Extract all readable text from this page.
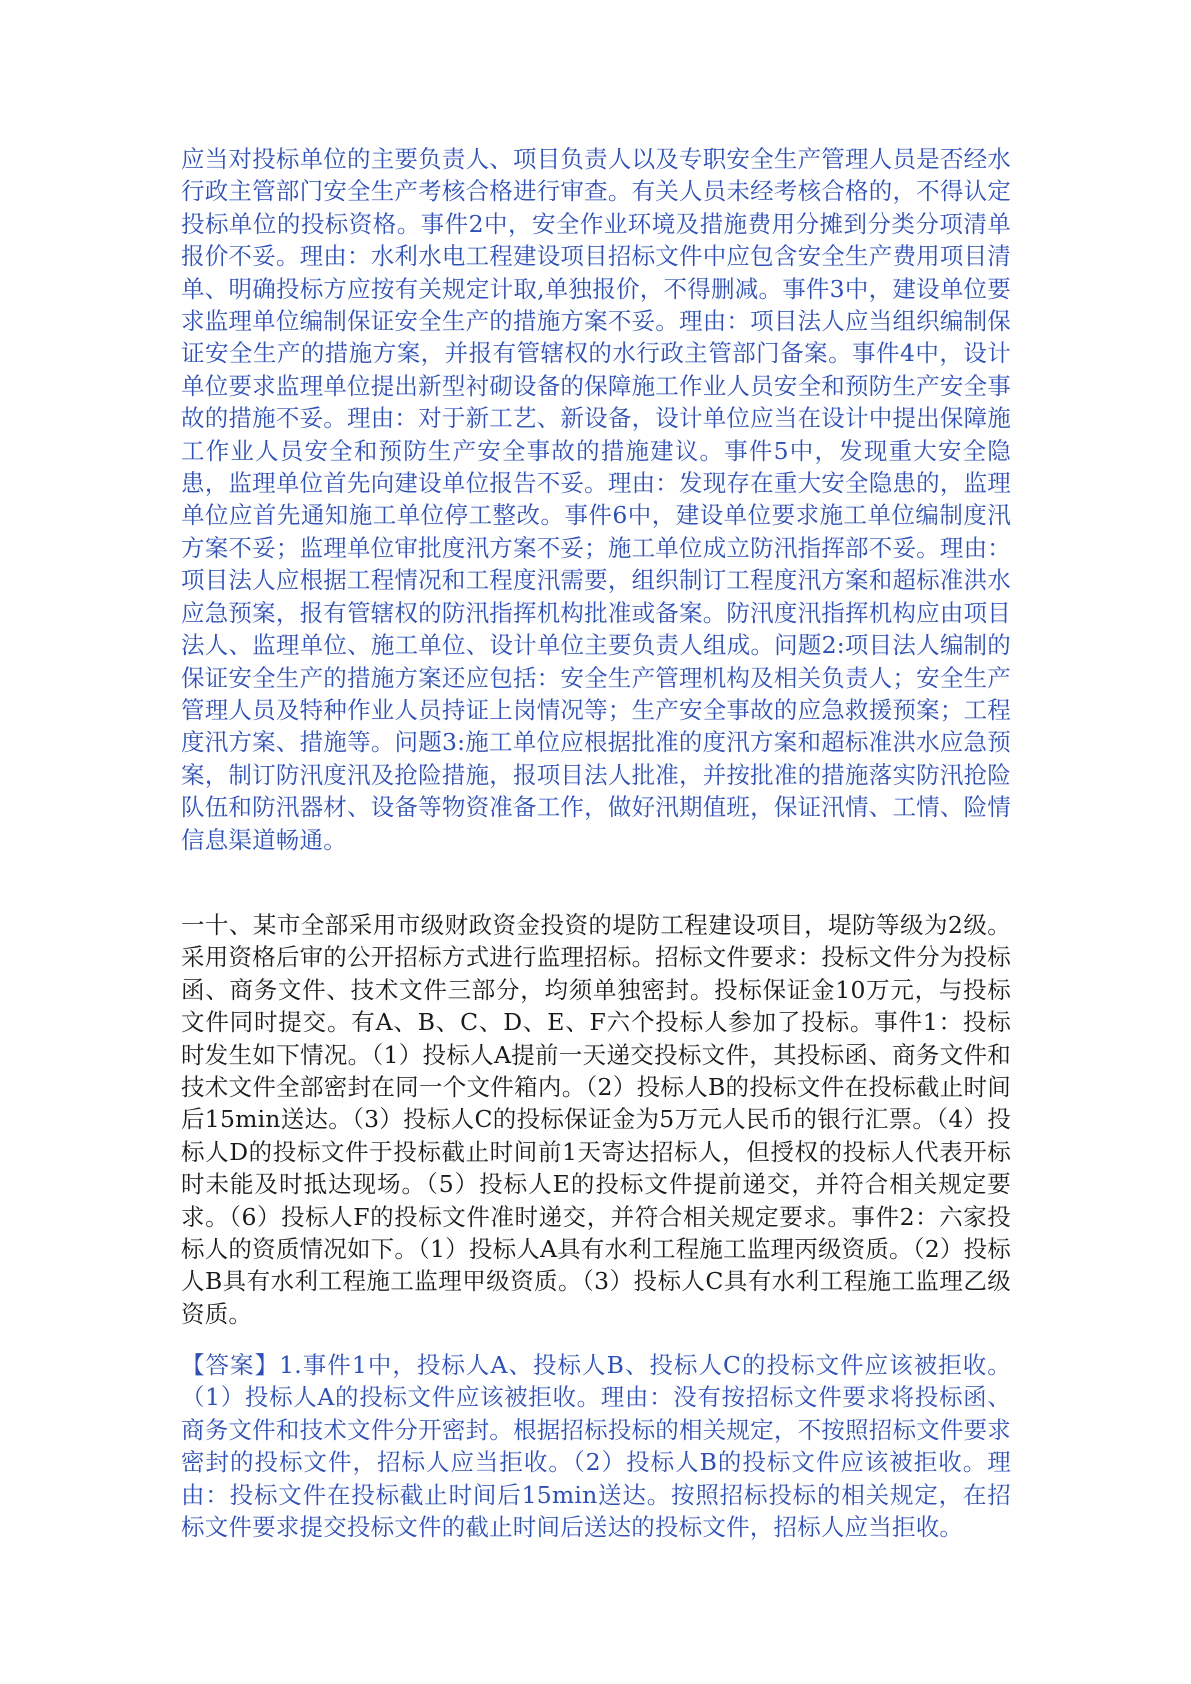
应当对投标单位的主要负责人、项目负责人以及专职安全生产管理人员是否经水行政主管部门安全生产考核合格进行审查。有关人员未经考核合格的，不得认定投标单位的投标资格。事件2中，安全作业环境及措施费用分摊到分类分项清单报价不妥。理由：水利水电工程建设项目招标文件中应包含安全生产费用项目清单、明确投标方应按有关规定计取,单独报价，不得删减。事件3中，建设单位要求监理单位编制保证安全生产的措施方案不妥。理由：项目法人应当组织编制保证安全生产的措施方案，并报有管辖权的水行政主管部门备案。事件4中，设计单位要求监理单位提出新型衬砌设备的保障施工作业人员安全和预防生产安全事故的措施不妥。理由：对于新工艺、新设备，设计单位应当在设计中提出保障施工作业人员安全和预防生产安全事故的措施建议。事件5中，发现重大安全隐患，监理单位首先向建设单位报告不妥。理由：发现存在重大安全隐患的，监理单位应首先通知施工单位停工整改。事件6中，建设单位要求施工单位编制度汛方案不妥；监理单位审批度汛方案不妥；施工单位成立防汛指挥部不妥。理由：项目法人应根据工程情况和工程度汛需要，组织制订工程度汛方案和超标准洪水应急预案，报有管辖权的防汛指挥机构批准或备案。防汛度汛指挥机构应由项目法人、监理单位、施工单位、设计单位主要负责人组成。问题2:项目法人编制的保证安全生产的措施方案还应包括：安全生产管理机构及相关负责人；安全生产管理人员及特种作业人员持证上岗情况等；生产安全事故的应急救援预案；工程度汛方案、措施等。问题3:施工单位应根据批准的度汛方案和超标准洪水应急预案，制订防汛度汛及抢险措施，报项目法人批准，并按批准的措施落实防汛抢险队伍和防汛器材、设备等物资准备工作，做好汛期值班，保证汛情、工情、险情信息渠道畅通。

一十、某市全部采用市级财政资金投资的堤防工程建设项目，堤防等级为2级。采用资格后审的公开招标方式进行监理招标。招标文件要求：投标文件分为投标函、商务文件、技术文件三部分，均须单独密封。投标保证金10万元，与投标文件同时提交。有A、B、C、D、E、F六个投标人参加了投标。事件1：投标时发生如下情况。（1）投标人A提前一天递交投标文件，其投标函、商务文件和技术文件全部密封在同一个文件箱内。（2）投标人B的投标文件在投标截止时间后15min送达。（3）投标人C的投标保证金为5万元人民币的银行汇票。（4）投标人D的投标文件于投标截止时间前1天寄达招标人，但授权的投标人代表开标时未能及时抵达现场。（5）投标人E的投标文件提前递交，并符合相关规定要求。（6）投标人F的投标文件准时递交，并符合相关规定要求。事件2：六家投标人的资质情况如下。（1）投标人A具有水利工程施工监理丙级资质。（2）投标人B具有水利工程施工监理甲级资质。（3）投标人C具有水利工程施工监理乙级资质。

【答案】1.事件1中，投标人A、投标人B、投标人C的投标文件应该被拒收。（1）投标人A的投标文件应该被拒收。理由：没有按招标文件要求将投标函、商务文件和技术文件分开密封。根据招标投标的相关规定，不按照招标文件要求密封的投标文件，招标人应当拒收。（2）投标人B的投标文件应该被拒收。理由：投标文件在投标截止时间后15min送达。按照招标投标的相关规定，在招标文件要求提交投标文件的截止时间后送达的投标文件，招标人应当拒收。
